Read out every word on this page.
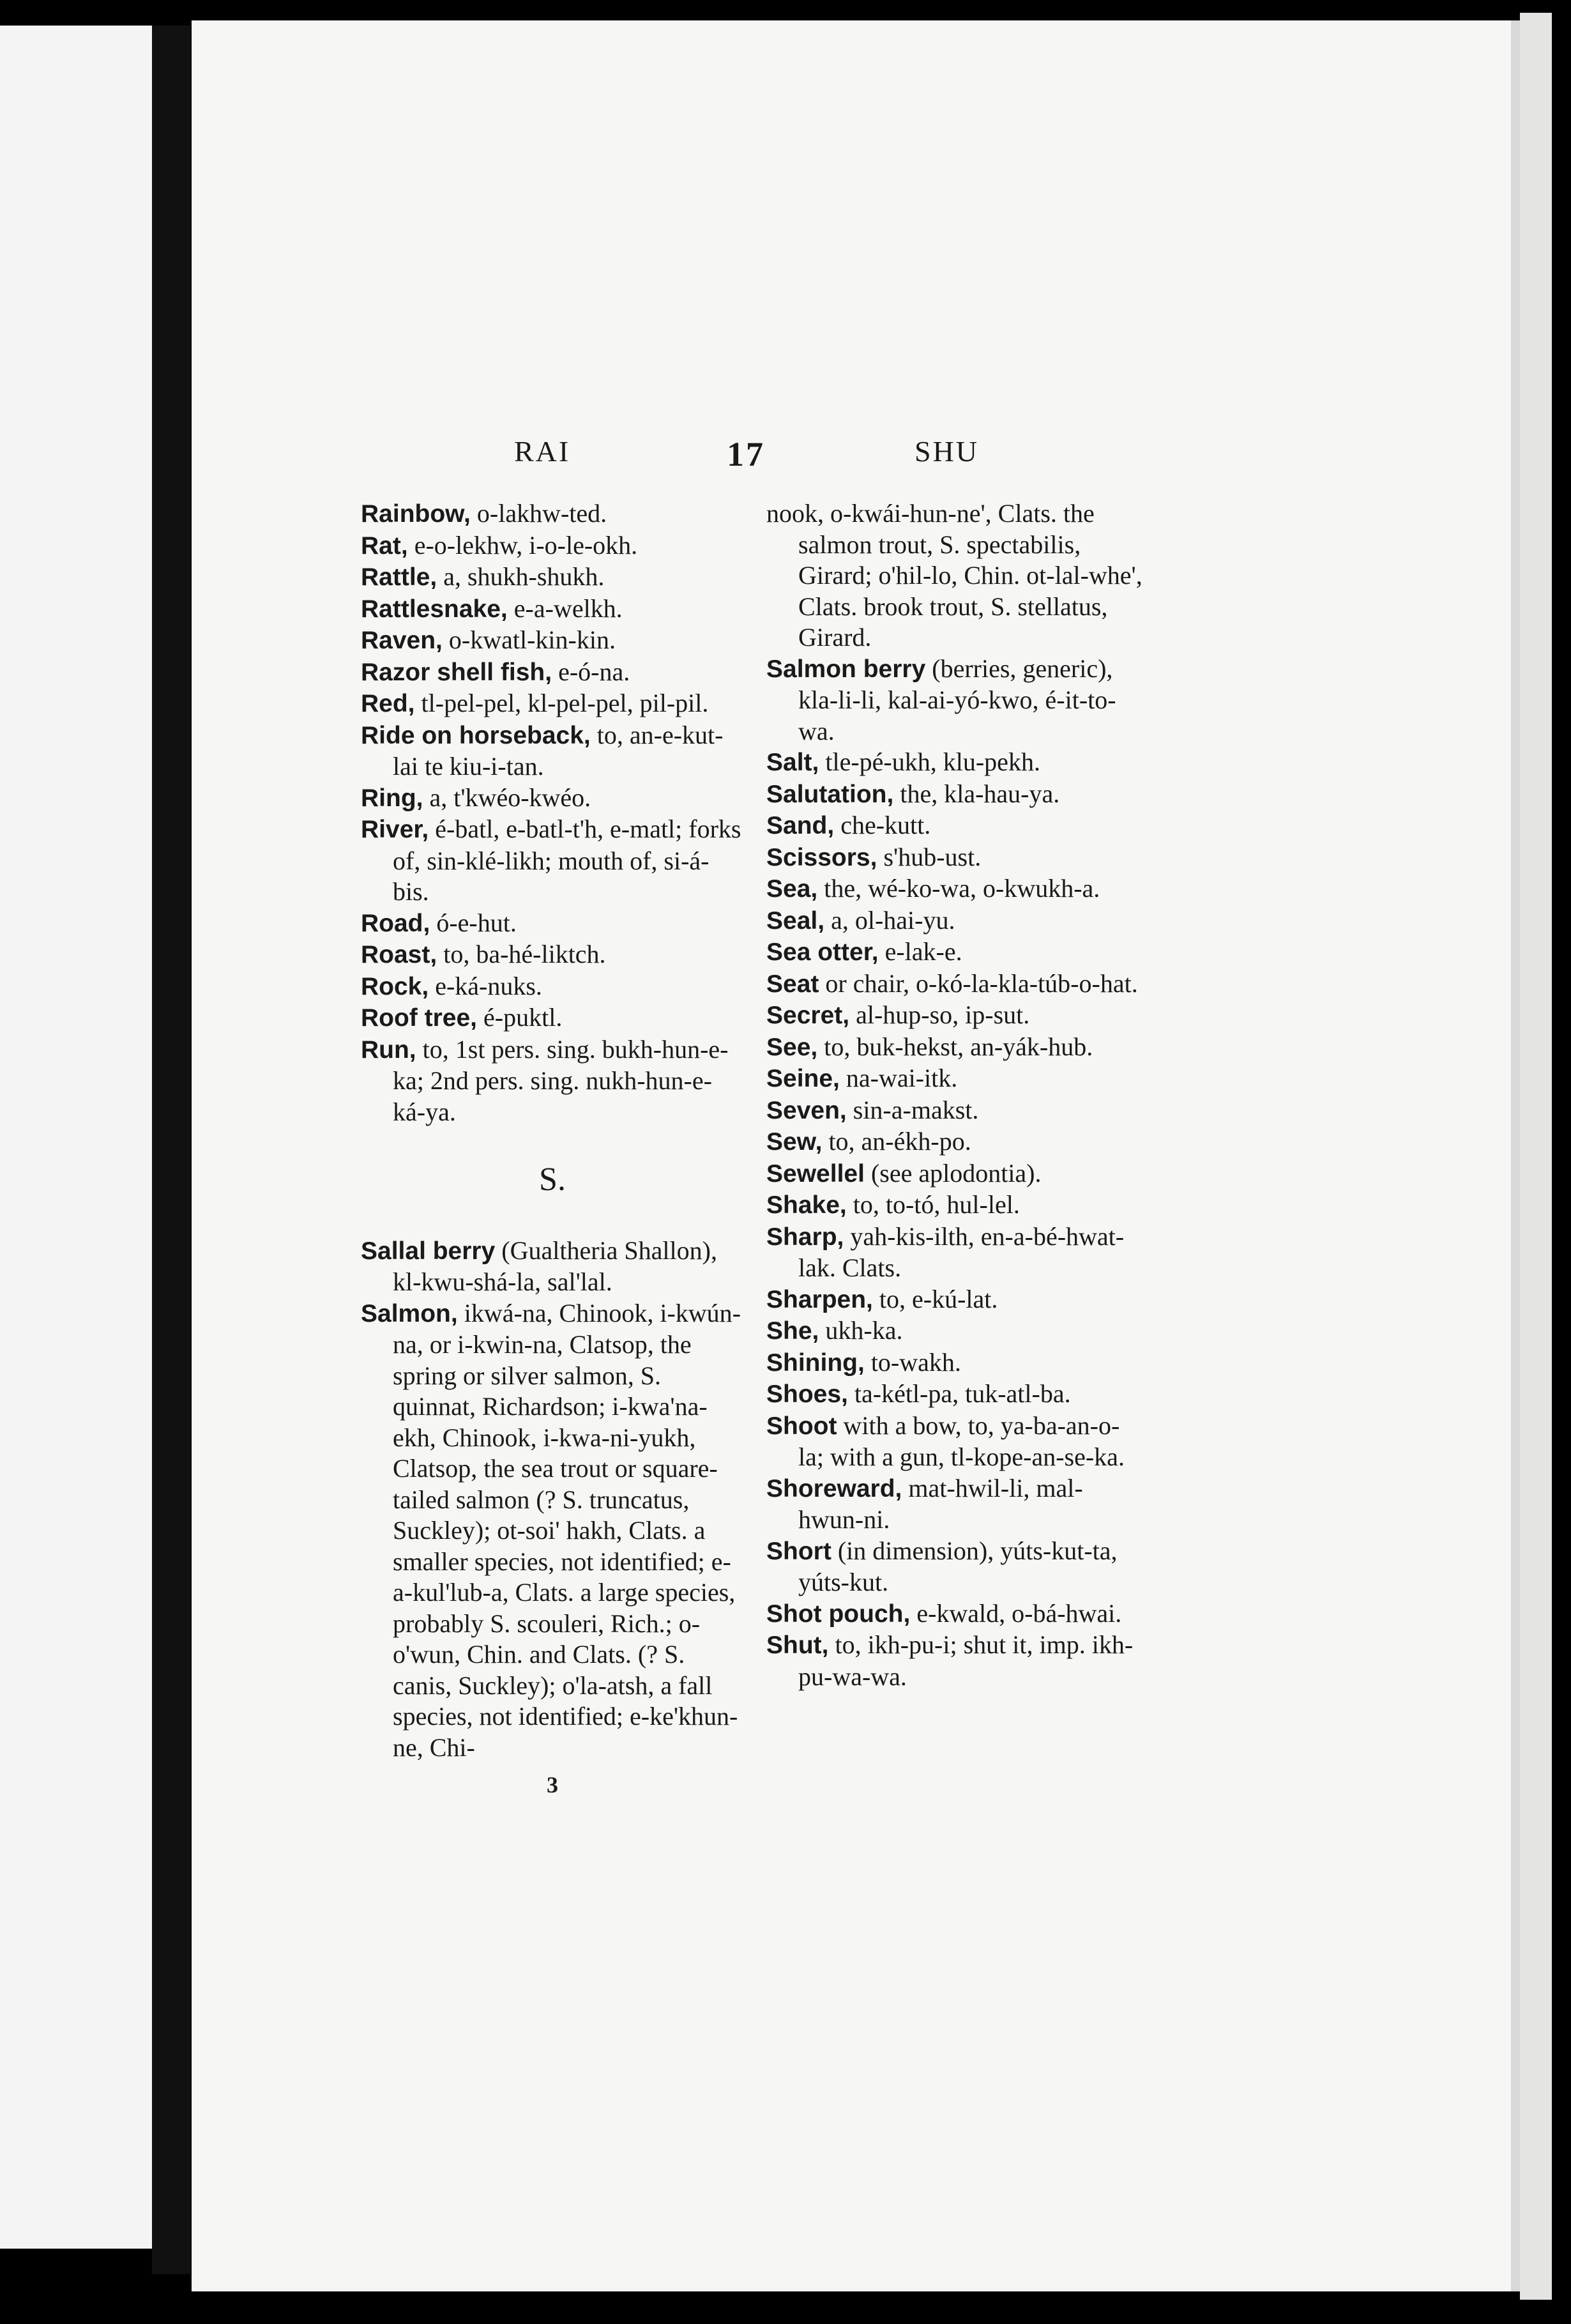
RAI	17	SHU

Rainbow, o-lakhw-ted.

Rat, e-o-lekhw, i-o-le-okh.

Rattle, a, shukh-shukh.

Rattlesnake, e-a-welkh.

Raven, o-kwatl-kin-kin.

Razor shell fish, e-ó-na.

Red, tl-pel-pel, kl-pel-pel, pil-pil.

Ride on horseback, to, an-e-kut-lai te kiu-i-tan.

Ring, a, t'kwéo-kwéo.

River, é-batl, e-batl-t'h, e-matl; forks of, sin-klé-likh; mouth of, si-á-bis.

Road, ó-e-hut.

Roast, to, ba-hé-liktch.

Rock, e-ká-nuks.

Roof tree, é-puktl.

Run, to, 1st pers. sing. bukh-hun-e-ka; 2nd pers. sing. nukh-hun-e-ká-ya.

S.

Sallal berry (Gualtheria Shallon), kl-kwu-shá-la, sal'lal.

Salmon, ikwá-na, Chinook, i-kwún-na, or i-kwin-na, Clatsop, the spring or silver salmon, S. quinnat, Richardson; i-kwa'na-ekh, Chinook, i-kwa-ni-yukh, Clatsop, the sea trout or square-tailed salmon (? S. truncatus, Suckley); ot-soi' hakh, Clats. a smaller species, not identified; e-a-kul'lub-a, Clats. a large species, probably S. scouleri, Rich.; o-o'wun, Chin. and Clats. (? S. canis, Suckley); o'la-atsh, a fall species, not identified; e-ke'khun-ne, Chi-

3

nook, o-kwái-hun-ne', Clats. the salmon trout, S. spectabilis, Girard; o'hil-lo, Chin. ot-lal-whe', Clats. brook trout, S. stellatus, Girard.

Salmon berry (berries, generic), kla-li-li, kal-ai-yó-kwo, é-it-to-wa.

Salt, tle-pé-ukh, klu-pekh.

Salutation, the, kla-hau-ya.

Sand, che-kutt.

Scissors, s'hub-ust.

Sea, the, wé-ko-wa, o-kwukh-a.

Seal, a, ol-hai-yu.

Sea otter, e-lak-e.

Seat or chair, o-kó-la-kla-túb-o-hat.

Secret, al-hup-so, ip-sut.

See, to, buk-hekst, an-yák-hub.

Seine, na-wai-itk.

Seven, sin-a-makst.

Sew, to, an-ékh-po.

Sewellel (see aplodontia).

Shake, to, to-tó, hul-lel.

Sharp, yah-kis-ilth, en-a-bé-hwat-lak. Clats.

Sharpen, to, e-kú-lat.

She, ukh-ka.

Shining, to-wakh.

Shoes, ta-kétl-pa, tuk-atl-ba.

Shoot with a bow, to, ya-ba-an-o-la; with a gun, tl-kope-an-se-ka.

Shoreward, mat-hwil-li, mal-hwun-ni.

Short (in dimension), yúts-kut-ta, yúts-kut.

Shot pouch, e-kwald, o-bá-hwai.

Shut, to, ikh-pu-i; shut it, imp. ikh-pu-wa-wa.
